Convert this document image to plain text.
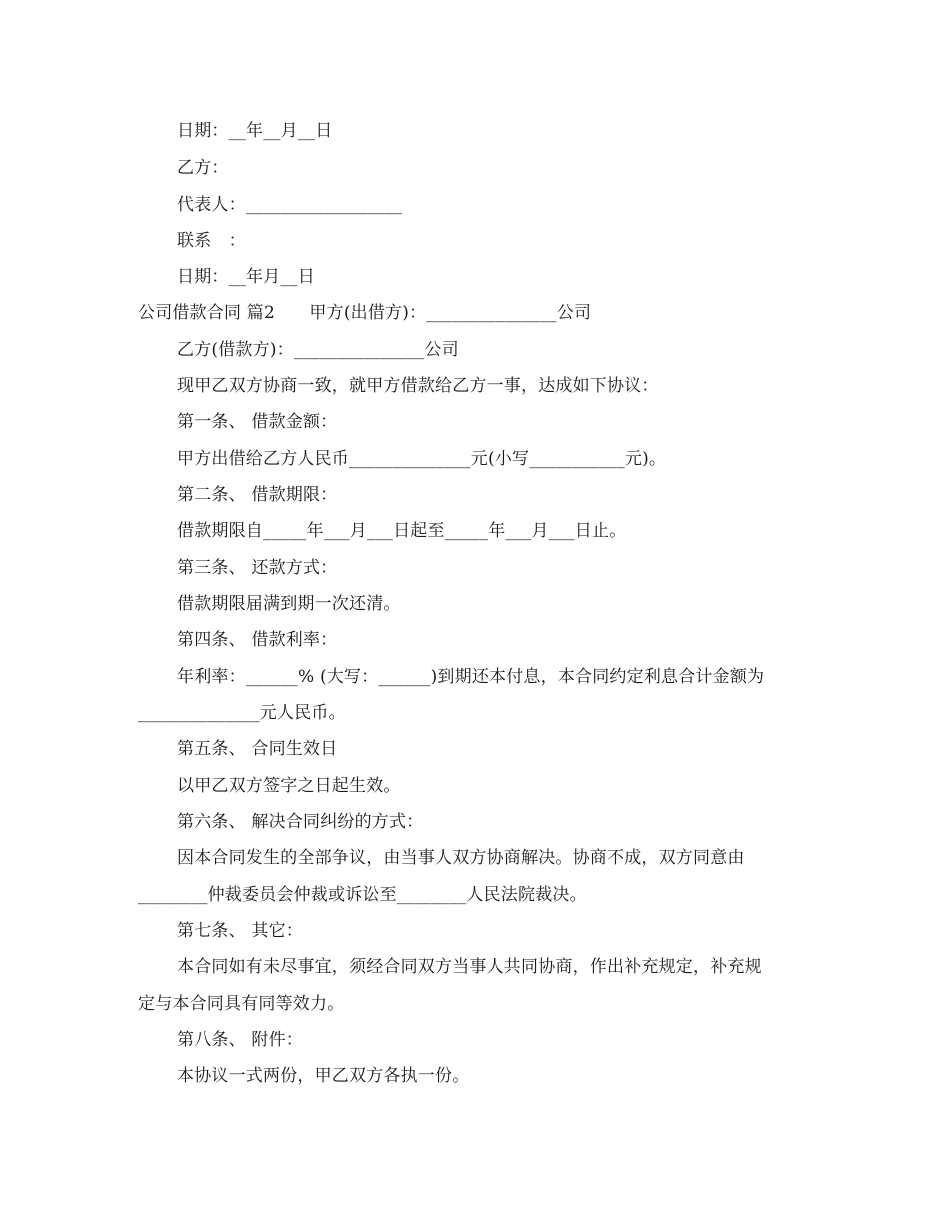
日期：__年__月__日
乙方：
代表人：__________________
联系　：
日期：__年月__日
公司借款合同 篇2　　甲方(出借方)：_______________公司
乙方(借款方)：_______________公司
现甲乙双方协商一致，就甲方借款给乙方一事，达成如下协议：
第一条、 借款金额：
甲方出借给乙方人民币______________元(小写___________元)。
第二条、 借款期限：
借款期限自_____年___月___日起至_____年___月___日止。
第三条、 还款方式：
借款期限届满到期一次还清。
第四条、 借款利率：
年利率：______% (大写：______)到期还本付息，本合同约定利息合计金额为
______________元人民币。
第五条、 合同生效日
以甲乙双方签字之日起生效。
第六条、 解决合同纠纷的方式：
因本合同发生的全部争议，由当事人双方协商解决。协商不成，双方同意由
________仲裁委员会仲裁或诉讼至________人民法院裁决。
第七条、 其它：
本合同如有未尽事宜，须经合同双方当事人共同协商，作出补充规定，补充规
定与本合同具有同等效力。
第八条、 附件：
本协议一式两份，甲乙双方各执一份。
